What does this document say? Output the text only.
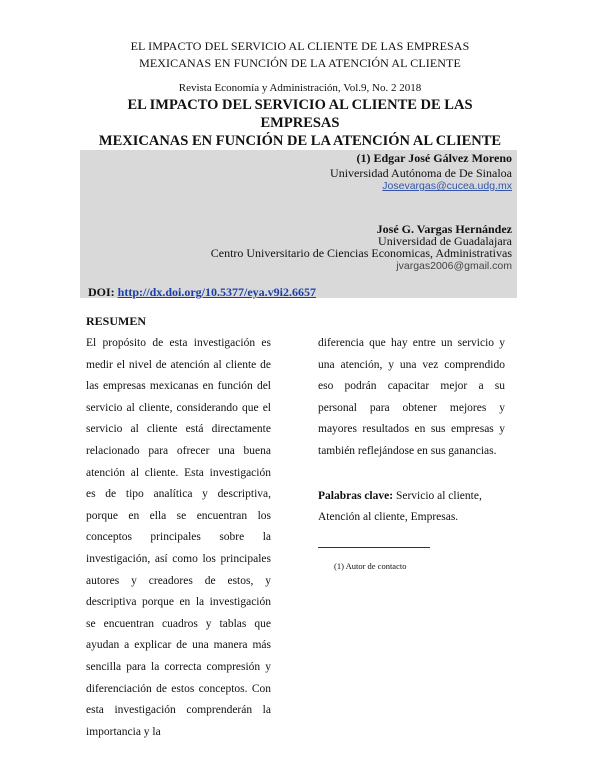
EL IMPACTO DEL SERVICIO AL CLIENTE DE LAS EMPRESAS
MEXICANAS EN FUNCIÓN DE LA ATENCIÓN AL CLIENTE
Revista Economía y Administración, Vol.9, No. 2 2018
EL IMPACTO DEL SERVICIO AL CLIENTE DE LAS
EMPRESAS
MEXICANAS EN FUNCIÓN DE LA ATENCIÓN AL CLIENTE
(1) Edgar José Gálvez Moreno
Universidad Autónoma de De Sinaloa
Josevargas@cucea.udg.mx
José G. Vargas Hernández
Universidad de Guadalajara
Centro Universitario de Ciencias Economicas, Administrativas
jvargas2006@gmail.com
DOI: http://dx.doi.org/10.5377/eya.v9i2.6657
RESUMEN
El propósito de esta investigación es medir el nivel de atención al cliente de las empresas mexicanas en función del servicio al cliente, considerando que el servicio al cliente está directamente relacionado para ofrecer una buena atención al cliente. Esta investigación es de tipo analítica y descriptiva, porque en ella se encuentran los conceptos principales sobre la investigación, así como los principales autores y creadores de estos, y descriptiva porque en la investigación se encuentran cuadros y tablas que ayudan a explicar de una manera más sencilla para la correcta compresión y diferenciación de estos conceptos. Con esta investigación comprenderán la importancia y la
diferencia que hay entre un servicio y una atención, y una vez comprendido eso podrán capacitar mejor a su personal para obtener mejores y mayores resultados en sus empresas y también reflejándose en sus ganancias.
Palabras clave: Servicio al cliente, Atención al cliente, Empresas.
(1) Autor de contacto
